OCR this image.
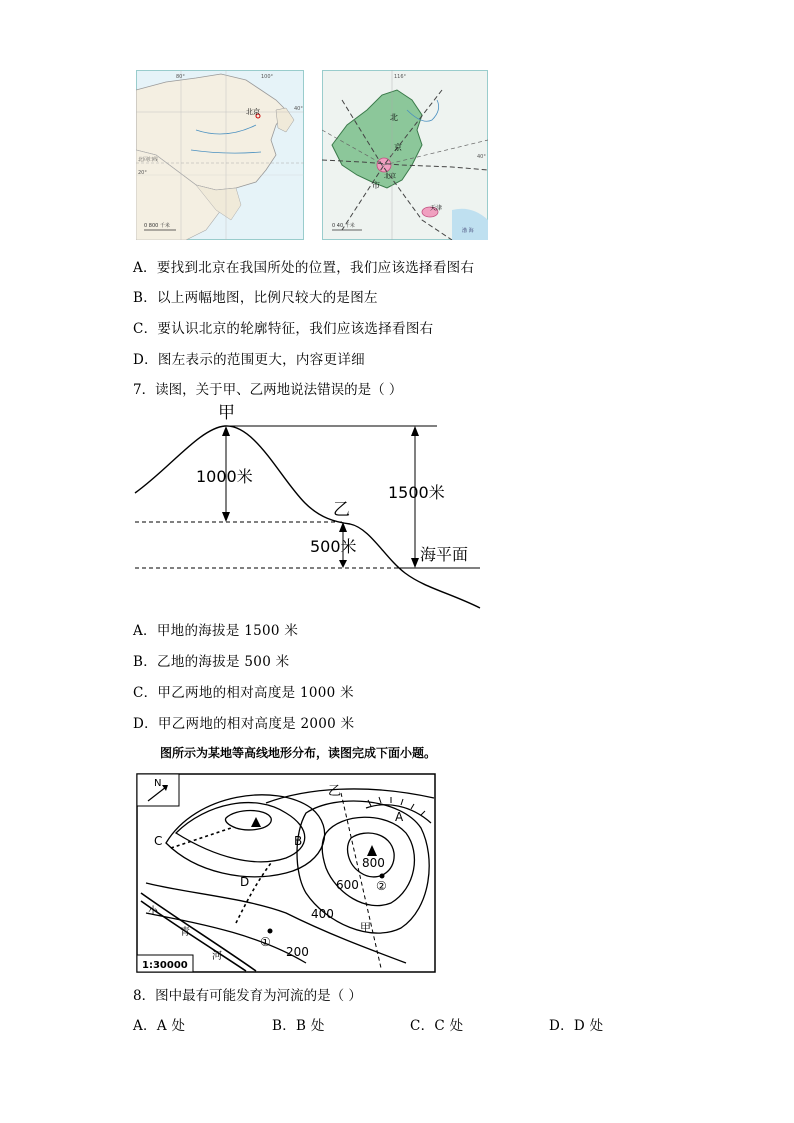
北京
80°	100°
40°
北回归线
20°
0 800 千米
116°
40°
北
京
市
北京
天津
0 40 千米
渤 海
A．要找到北京在我国所处的位置，我们应该选择看图右
B．以上两幅地图，比例尺较大的是图左
C．要认识北京的轮廓特征，我们应该选择看图右
D．图左表示的范围更大，内容更详细
7．读图，关于甲、乙两地说法错误的是（ ）
甲
乙
1000米
1500米
500米	海平面
A．甲地的海拔是 1500 米
B．乙地的海拔是 500 米
C．甲乙两地的相对高度是 1000 米
D．甲乙两地的相对高度是 2000 米
图所示为某地等高线地形分布，读图完成下面小题。
N
乙
A
B
C
D
800
600
400
200
甲
①
②
小
青
河
1:30000
8．图中最有可能发育为河流的是（ ）
A．A 处	B．B 处	C．C 处	D．D 处
